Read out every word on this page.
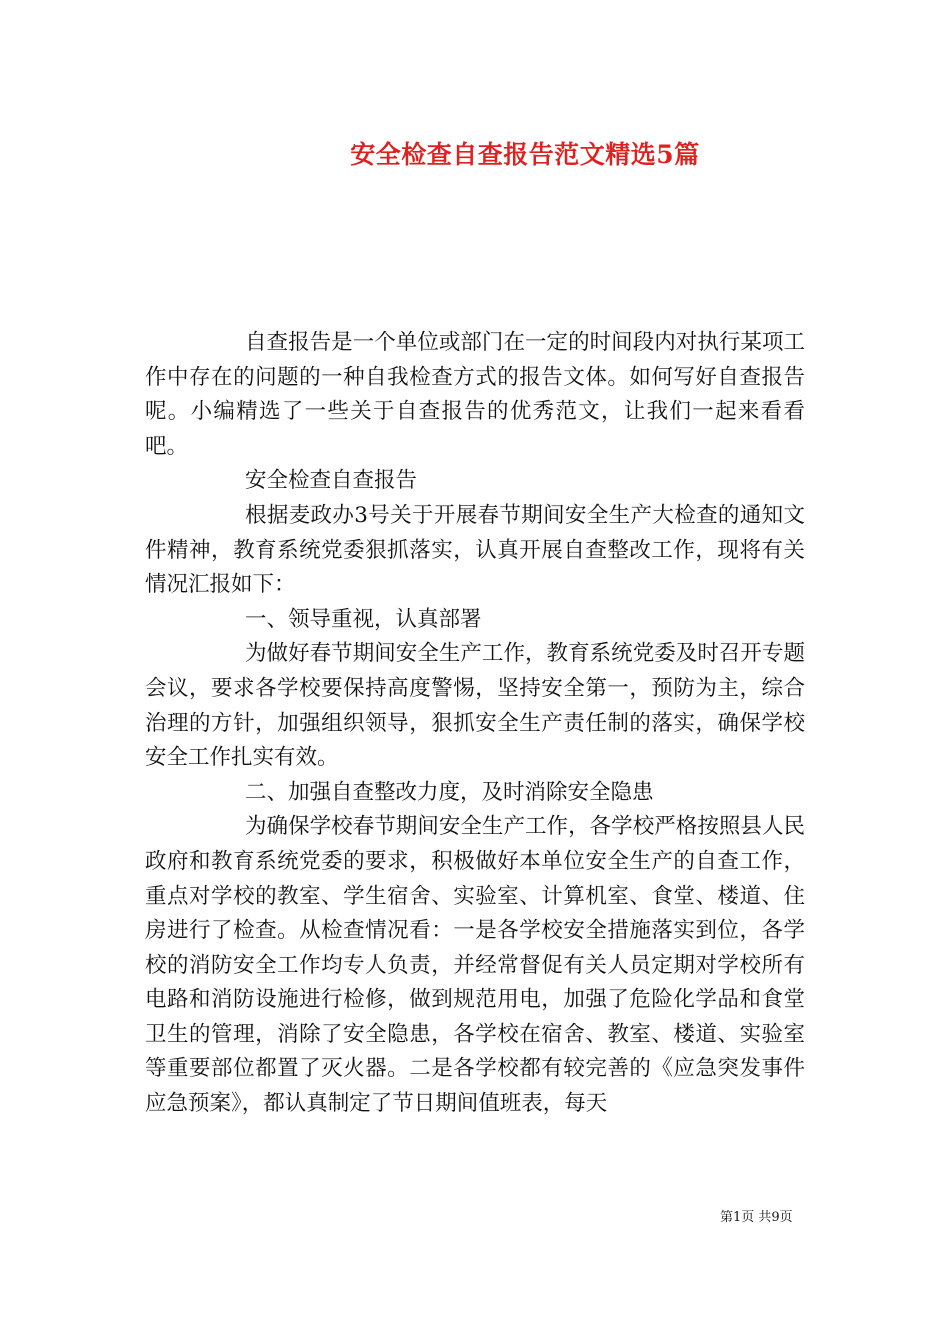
安全检查自查报告范文精选5篇

自查报告是一个单位或部门在一定的时间段内对执行某项工作中存在的问题的一种自我检查方式的报告文体。如何写好自查报告呢。小编精选了一些关于自查报告的优秀范文，让我们一起来看看吧。

安全检查自查报告

根据麦政办3号关于开展春节期间安全生产大检查的通知文件精神，教育系统党委狠抓落实，认真开展自查整改工作，现将有关情况汇报如下：

一、领导重视，认真部署

为做好春节期间安全生产工作，教育系统党委及时召开专题会议，要求各学校要保持高度警惕，坚持安全第一，预防为主，综合治理的方针，加强组织领导，狠抓安全生产责任制的落实，确保学校安全工作扎实有效。

二、加强自查整改力度，及时消除安全隐患

为确保学校春节期间安全生产工作，各学校严格按照县人民政府和教育系统党委的要求，积极做好本单位安全生产的自查工作，重点对学校的教室、学生宿舍、实验室、计算机室、食堂、楼道、住房进行了检查。从检查情况看：一是各学校安全措施落实到位，各学校的消防安全工作均专人负责，并经常督促有关人员定期对学校所有电路和消防设施进行检修，做到规范用电，加强了危险化学品和食堂卫生的管理，消除了安全隐患，各学校在宿舍、教室、楼道、实验室等重要部位都置了灭火器。二是各学校都有较完善的《应急突发事件应急预案》，都认真制定了节日期间值班表，每天

第1页 共9页
